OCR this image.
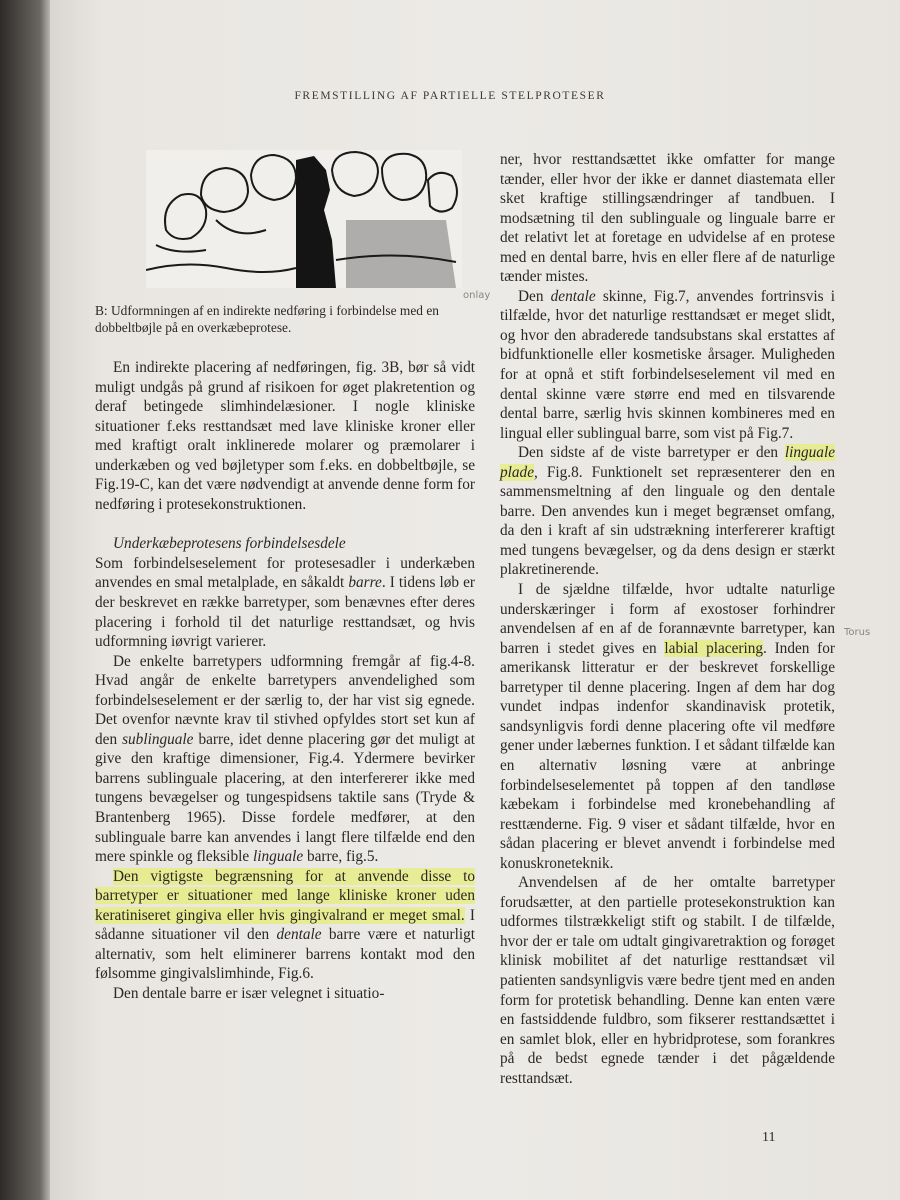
FREMSTILLING AF PARTIELLE STELPROTESER
B: Udformningen af en indirekte nedføring i forbindelse med en dobbeltbøjle på en overkæbeprotese.
onlay
Torus

En indirekte placering af nedføringen, fig. 3B, bør så vidt muligt undgås på grund af risikoen for øget plakretention og deraf betingede slimhindelæsioner. I nogle kliniske situationer f.eks resttandsæt med lave kliniske kroner eller med kraftigt oralt inklinerede molarer og præmolarer i underkæben og ved bøjletyper som f.eks. en dobbeltbøjle, se Fig.19-C, kan det være nødvendigt at anvende denne form for nedføring i protesekonstruktionen.

Underkæbeprotesens forbindelsesdele

Som forbindelseselement for protesesadler i underkæben anvendes en smal metalplade, en såkaldt barre. I tidens løb er der beskrevet en række barretyper, som benævnes efter deres placering i forhold til det naturlige resttandsæt, og hvis udformning iøvrigt varierer.

De enkelte barretypers udformning fremgår af fig.4-8. Hvad angår de enkelte barretypers anvendelighed som forbindelseselement er der særlig to, der har vist sig egnede. Det ovenfor nævnte krav til stivhed opfyldes stort set kun af den sublinguale barre, idet denne placering gør det muligt at give den kraftige dimensioner, Fig.4. Ydermere bevirker barrens sublinguale placering, at den interfererer ikke med tungens bevægelser og tungespidsens taktile sans (Tryde & Brantenberg 1965). Disse fordele medfører, at den sublinguale barre kan anvendes i langt flere tilfælde end den mere spinkle og fleksible linguale barre, fig.5.

Den vigtigste begrænsning for at anvende disse to barretyper er situationer med lange kliniske kroner uden keratiniseret gingiva eller hvis gingivalrand er meget smal. I sådanne situationer vil den dentale barre være et naturligt alternativ, som helt eliminerer barrens kontakt mod den følsomme gingivalslimhinde, Fig.6.

Den dentale barre er især velegnet i situatio-

ner, hvor resttandsættet ikke omfatter for mange tænder, eller hvor der ikke er dannet diastemata eller sket kraftige stillingsændringer af tandbuen. I modsætning til den sublinguale og linguale barre er det relativt let at foretage en udvidelse af en protese med en dental barre, hvis en eller flere af de naturlige tænder mistes.

Den dentale skinne, Fig.7, anvendes fortrinsvis i tilfælde, hvor det naturlige resttandsæt er meget slidt, og hvor den abraderede tandsubstans skal erstattes af bidfunktionelle eller kosmetiske årsager. Muligheden for at opnå et stift forbindelseselement vil med en dental skinne være større end med en tilsvarende dental barre, særlig hvis skinnen kombineres med en lingual eller sublingual barre, som vist på Fig.7.

Den sidste af de viste barretyper er den linguale plade, Fig.8. Funktionelt set repræsenterer den en sammensmeltning af den linguale og den dentale barre. Den anvendes kun i meget begrænset omfang, da den i kraft af sin udstrækning interfererer kraftigt med tungens bevægelser, og da dens design er stærkt plakretinerende.

I de sjældne tilfælde, hvor udtalte naturlige underskæringer i form af exostoser forhindrer anvendelsen af en af de forannævnte barretyper, kan barren i stedet gives en labial placering. Inden for amerikansk litteratur er der beskrevet forskellige barretyper til denne placering. Ingen af dem har dog vundet indpas indenfor skandinavisk protetik, sandsynligvis fordi denne placering ofte vil medføre gener under læbernes funktion. I et sådant tilfælde kan en alternativ løsning være at anbringe forbindelseselementet på toppen af den tandløse kæbekam i forbindelse med kronebehandling af resttænderne. Fig. 9 viser et sådant tilfælde, hvor en sådan placering er blevet anvendt i forbindelse med konuskroneteknik.

Anvendelsen af de her omtalte barretyper forudsætter, at den partielle protesekonstruktion kan udformes tilstrækkeligt stift og stabilt. I de tilfælde, hvor der er tale om udtalt gingivaretraktion og forøget klinisk mobilitet af det naturlige resttandsæt vil patienten sandsynligvis være bedre tjent med en anden form for protetisk behandling. Denne kan enten være en fastsiddende fuldbro, som fikserer resttandsættet i en samlet blok, eller en hybridprotese, som forankres på de bedst egnede tænder i det pågældende resttandsæt.

11
